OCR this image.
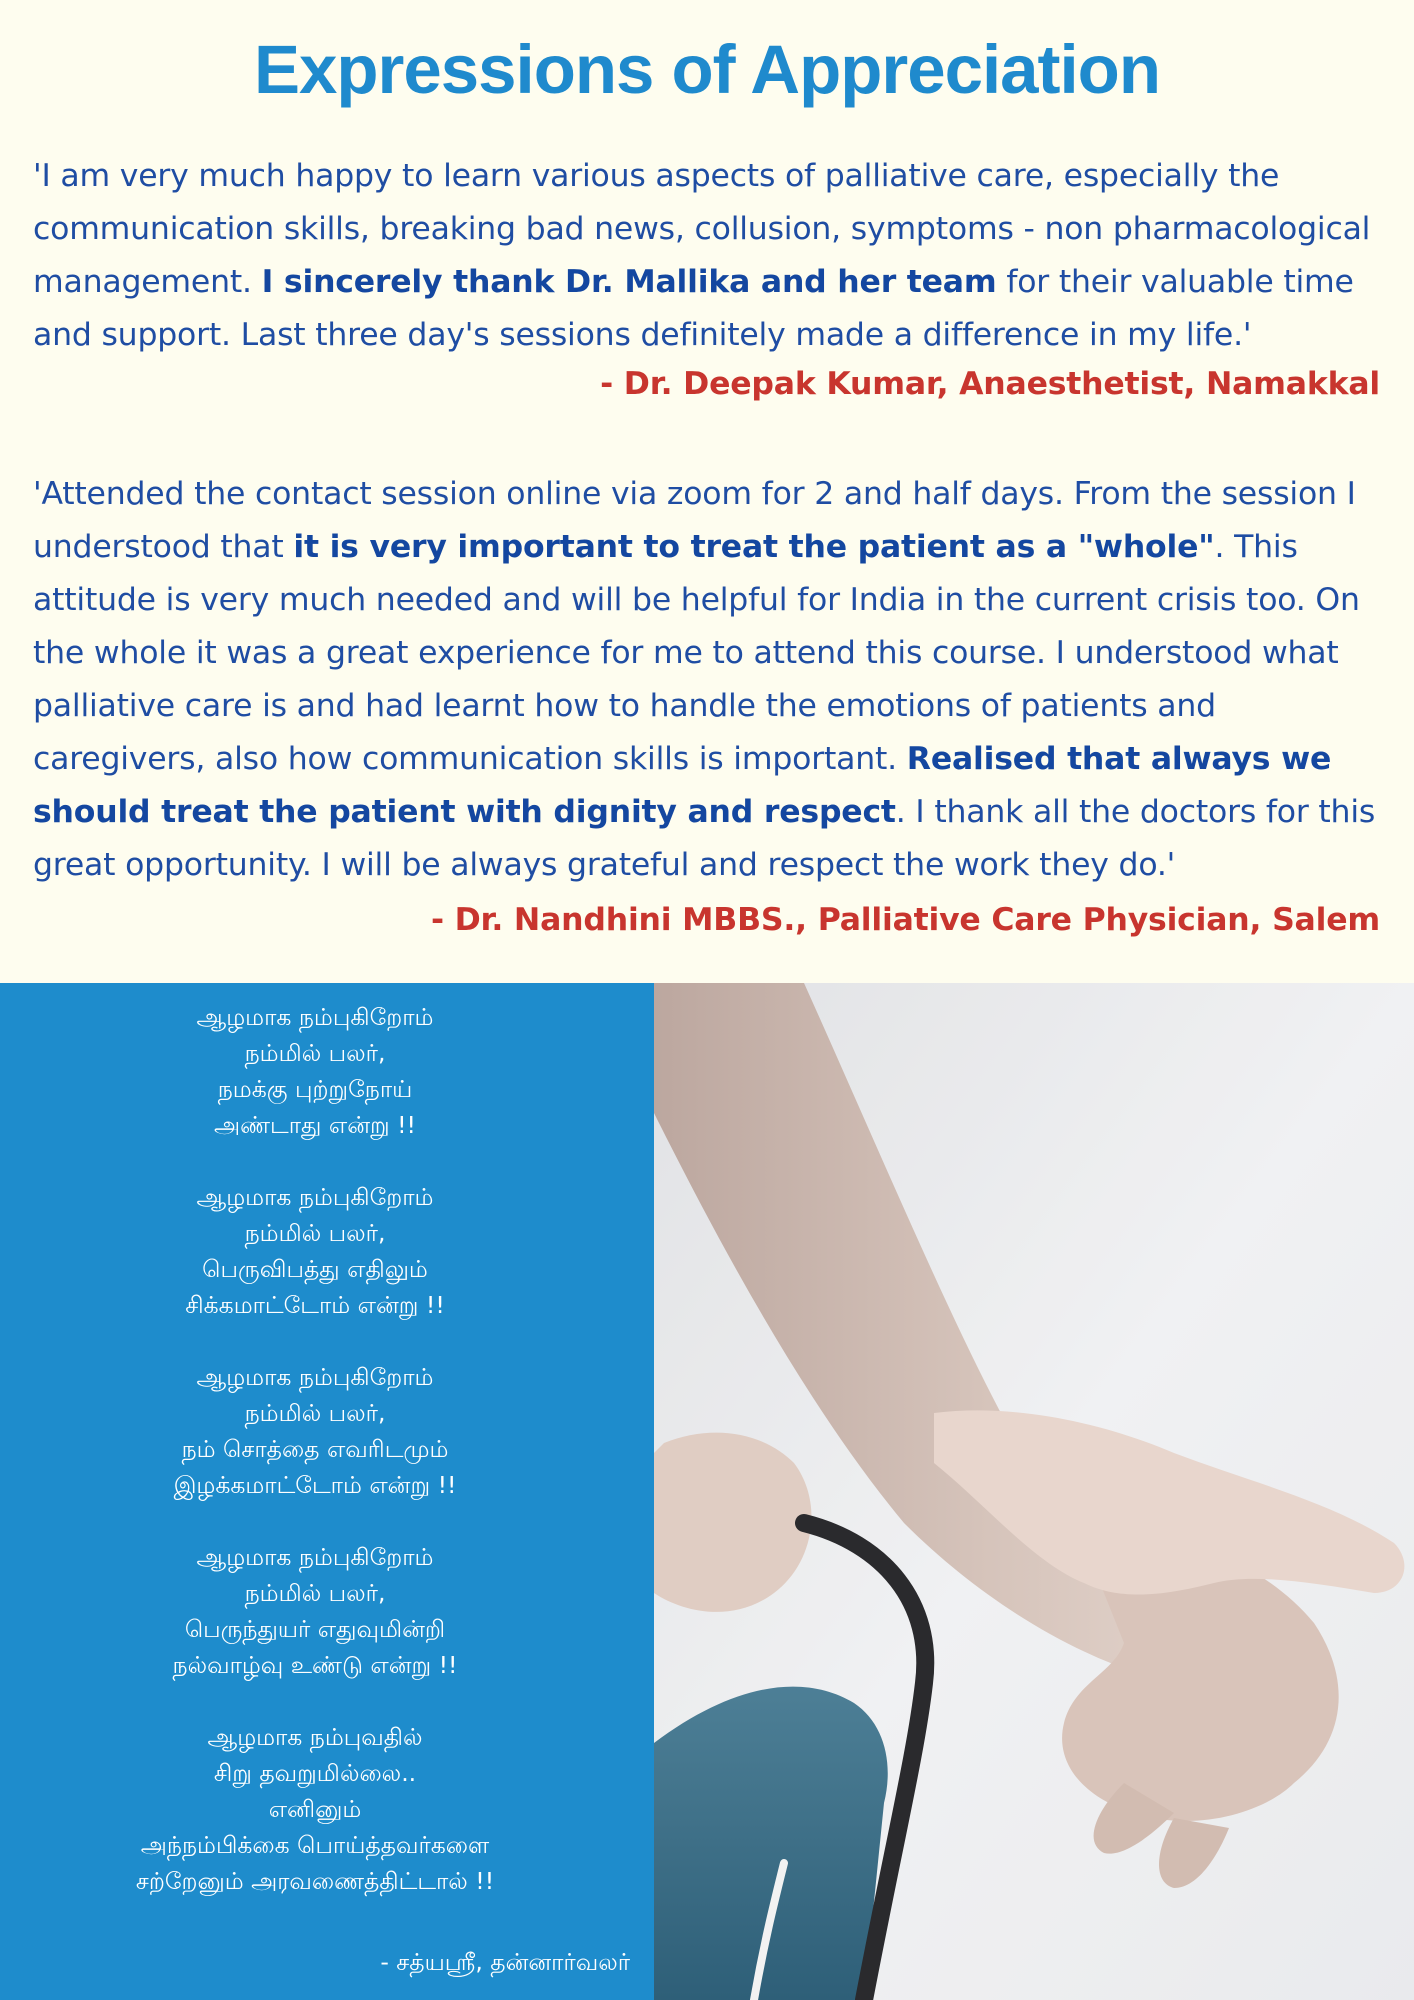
Expressions of Appreciation

'I am very much happy to learn various aspects of palliative care, especially the communication skills, breaking bad news, collusion, symptoms - non pharmacological management. I sincerely thank Dr. Mallika and her team for their valuable time and support. Last three day's sessions definitely made a difference in my life.'

- Dr. Deepak Kumar, Anaesthetist, Namakkal

'Attended the contact session online via zoom for 2 and half days. From the session I understood that it is very important to treat the patient as a "whole". This attitude is very much needed and will be helpful for India in the current crisis too. On the whole it was a great experience for me to attend this course. I understood what palliative care is and had learnt how to handle the emotions of patients and caregivers, also how communication skills is important. Realised that always we should treat the patient with dignity and respect. I thank all the doctors for this great opportunity. I will be always grateful and respect the work they do.'

- Dr. Nandhini MBBS., Palliative Care Physician, Salem

ஆழமாக நம்புகிறோம்
நம்மில் பலர்,
நமக்கு புற்றுநோய்
அண்டாது என்று !!
ஆழமாக நம்புகிறோம்
நம்மில் பலர்,
பெருவிபத்து எதிலும்
சிக்கமாட்டோம் என்று !!
ஆழமாக நம்புகிறோம்
நம்மில் பலர்,
நம் சொத்தை எவரிடமும்
இழக்கமாட்டோம் என்று !!
ஆழமாக நம்புகிறோம்
நம்மில் பலர்,
பெருந்துயர் எதுவுமின்றி
நல்வாழ்வு உண்டு என்று !!
ஆழமாக நம்புவதில்
சிறு தவறுமில்லை..
எனினும்
அந்நம்பிக்கை பொய்த்தவர்களை
சற்றேனும் அரவணைத்திட்டால் !!
- சத்யஸ்ரீ, தன்னார்வலர்
